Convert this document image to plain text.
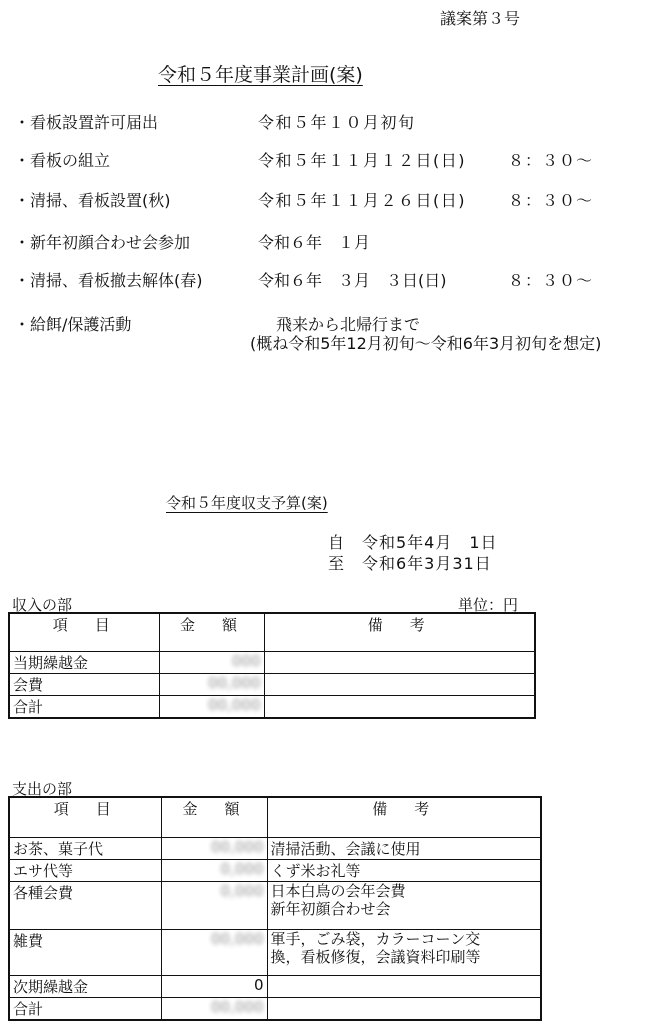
議案第３号
令和５年度事業計画(案)
・看板設置許可届出	令和５年１０月初旬
・看板の組立	令和５年１１月１２日(日)	８：３０～
・清掃、看板設置(秋)	令和５年１１月２６日(日)	８：３０～
・新年初顔合わせ会参加	令和６年　１月
・清掃、看板撤去解体(春)	令和６年　３月　３日(日)	８：３０～
・給餌/保護活動	飛来から北帰行まで
(概ね令和5年12月初旬～令和6年3月初旬を想定)
令和５年度収支予算(案)
自　令和5年4月　1日
至　令和6年3月31日
収入の部	単位：円
項　目	金　額	備　考
当期繰越金	000	
会費	00,000	
合計	00,000	
支出の部
項　目	金　額	備　考
お茶、菓子代	00,000	清掃活動、会議に使用
エサ代等	0,000	くず米お礼等
各種会費	0,000	日本白鳥の会年会費
新年初顔合わせ会

雑費	00,000	軍手，ごみ袋，カラーコーン交
換，看板修復，会議資料印刷等

次期繰越金	0	
合計	00,000	
